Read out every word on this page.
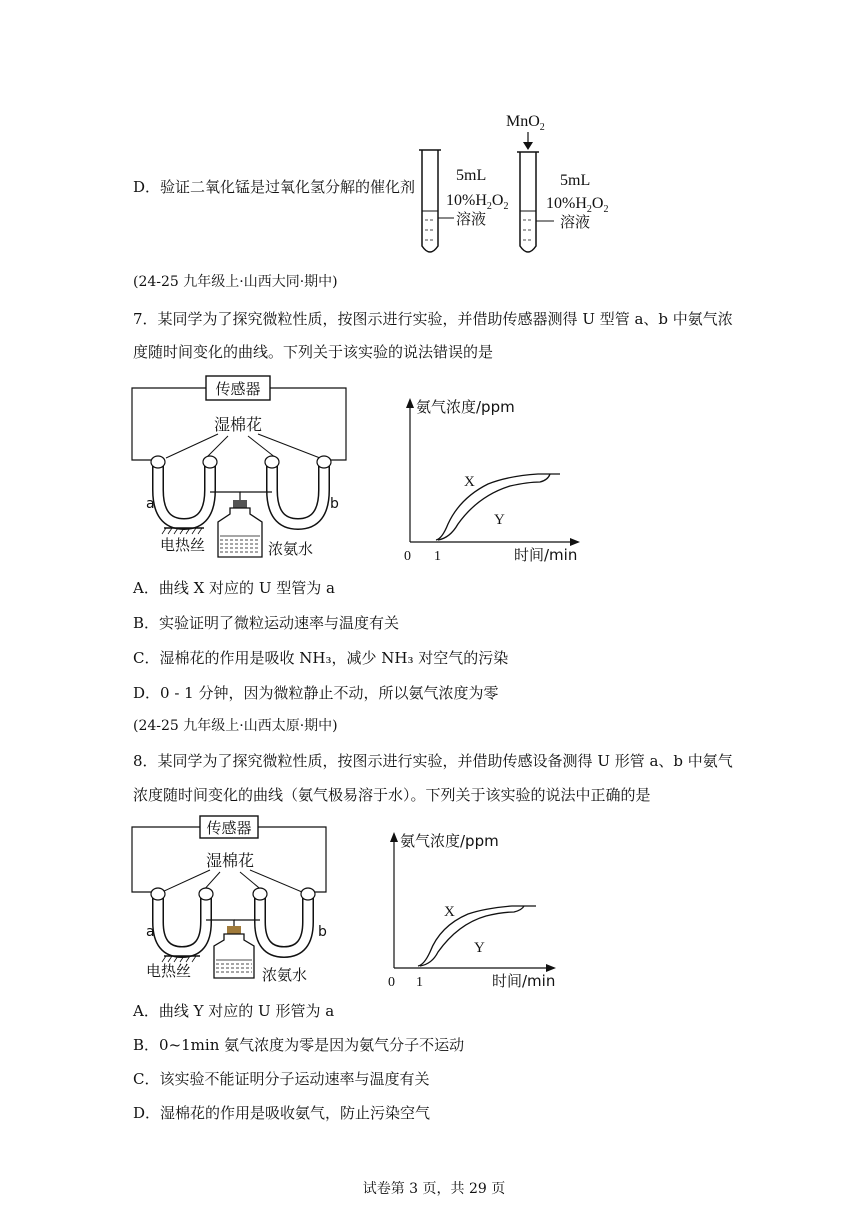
D．验证二氧化锰是过氧化氢分解的催化剂
5mL
$10\%H_2O_2$
溶液
MnO$_2$
5mL
$10\%H_2O_2$
溶液
(24-25 九年级上·山西大同·期中)
7．某同学为了探究微粒性质，按图示进行实验，并借助传感器测得 U 型管 a、b 中氨气浓
度随时间变化的曲线。下列关于该实验的说法错误的是
传感器
湿棉花
a	b
电热丝	浓氨水
氨气浓度/ppm
时间/min
0 1
X
Y
A．曲线 X 对应的 U 型管为 a
B．实验证明了微粒运动速率与温度有关
C．湿棉花的作用是吸收 NH₃，减少 NH₃ 对空气的污染
D．0 - 1 分钟，因为微粒静止不动，所以氨气浓度为零
(24-25 九年级上·山西太原·期中)
8．某同学为了探究微粒性质，按图示进行实验，并借助传感设备测得 U 形管 a、b 中氨气
浓度随时间变化的曲线（氨气极易溶于水）。下列关于该实验的说法中正确的是
传感器
湿棉花
a	b
电热丝	浓氨水
氨气浓度/ppm
时间/min
0 1
X
Y
A．曲线 Y 对应的 U 形管为 a
B．0~1min 氨气浓度为零是因为氨气分子不运动
C．该实验不能证明分子运动速率与温度有关
D．湿棉花的作用是吸收氨气，防止污染空气
试卷第 3 页，共 29 页
